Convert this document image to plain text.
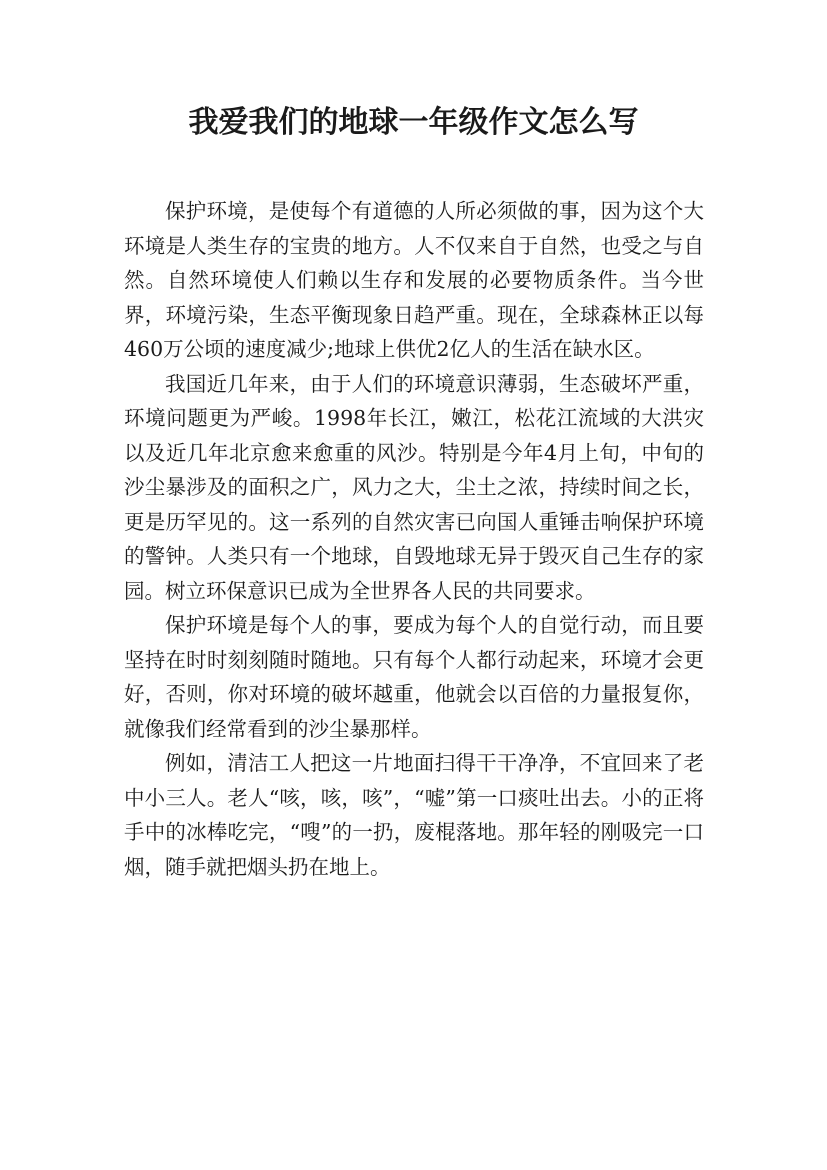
我爱我们的地球一年级作文怎么写

保护环境，是使每个有道德的人所必须做的事，因为这个大环境是人类生存的宝贵的地方。人不仅来自于自然，也受之与自然。自然环境使人们赖以生存和发展的必要物质条件。当今世界，环境污染，生态平衡现象日趋严重。现在，全球森林正以每460万公顷的速度减少;地球上供优2亿人的生活在缺水区。

我国近几年来，由于人们的环境意识薄弱，生态破坏严重，环境问题更为严峻。1998年长江，嫩江，松花江流域的大洪灾以及近几年北京愈来愈重的风沙。特别是今年4月上旬，中旬的沙尘暴涉及的面积之广，风力之大，尘土之浓，持续时间之长，更是历罕见的。这一系列的自然灾害已向国人重锤击响保护环境的警钟。人类只有一个地球，自毁地球无异于毁灭自己生存的家园。树立环保意识已成为全世界各人民的共同要求。

保护环境是每个人的事，要成为每个人的自觉行动，而且要坚持在时时刻刻随时随地。只有每个人都行动起来，环境才会更好，否则，你对环境的破坏越重，他就会以百倍的力量报复你，就像我们经常看到的沙尘暴那样。

例如，清洁工人把这一片地面扫得干干净净，不宜回来了老中小三人。老人“咳，咳，咳”，“嘘”第一口痰吐出去。小的正将手中的冰棒吃完，“嗖”的一扔，废棍落地。那年轻的刚吸完一口烟，随手就把烟头扔在地上。
